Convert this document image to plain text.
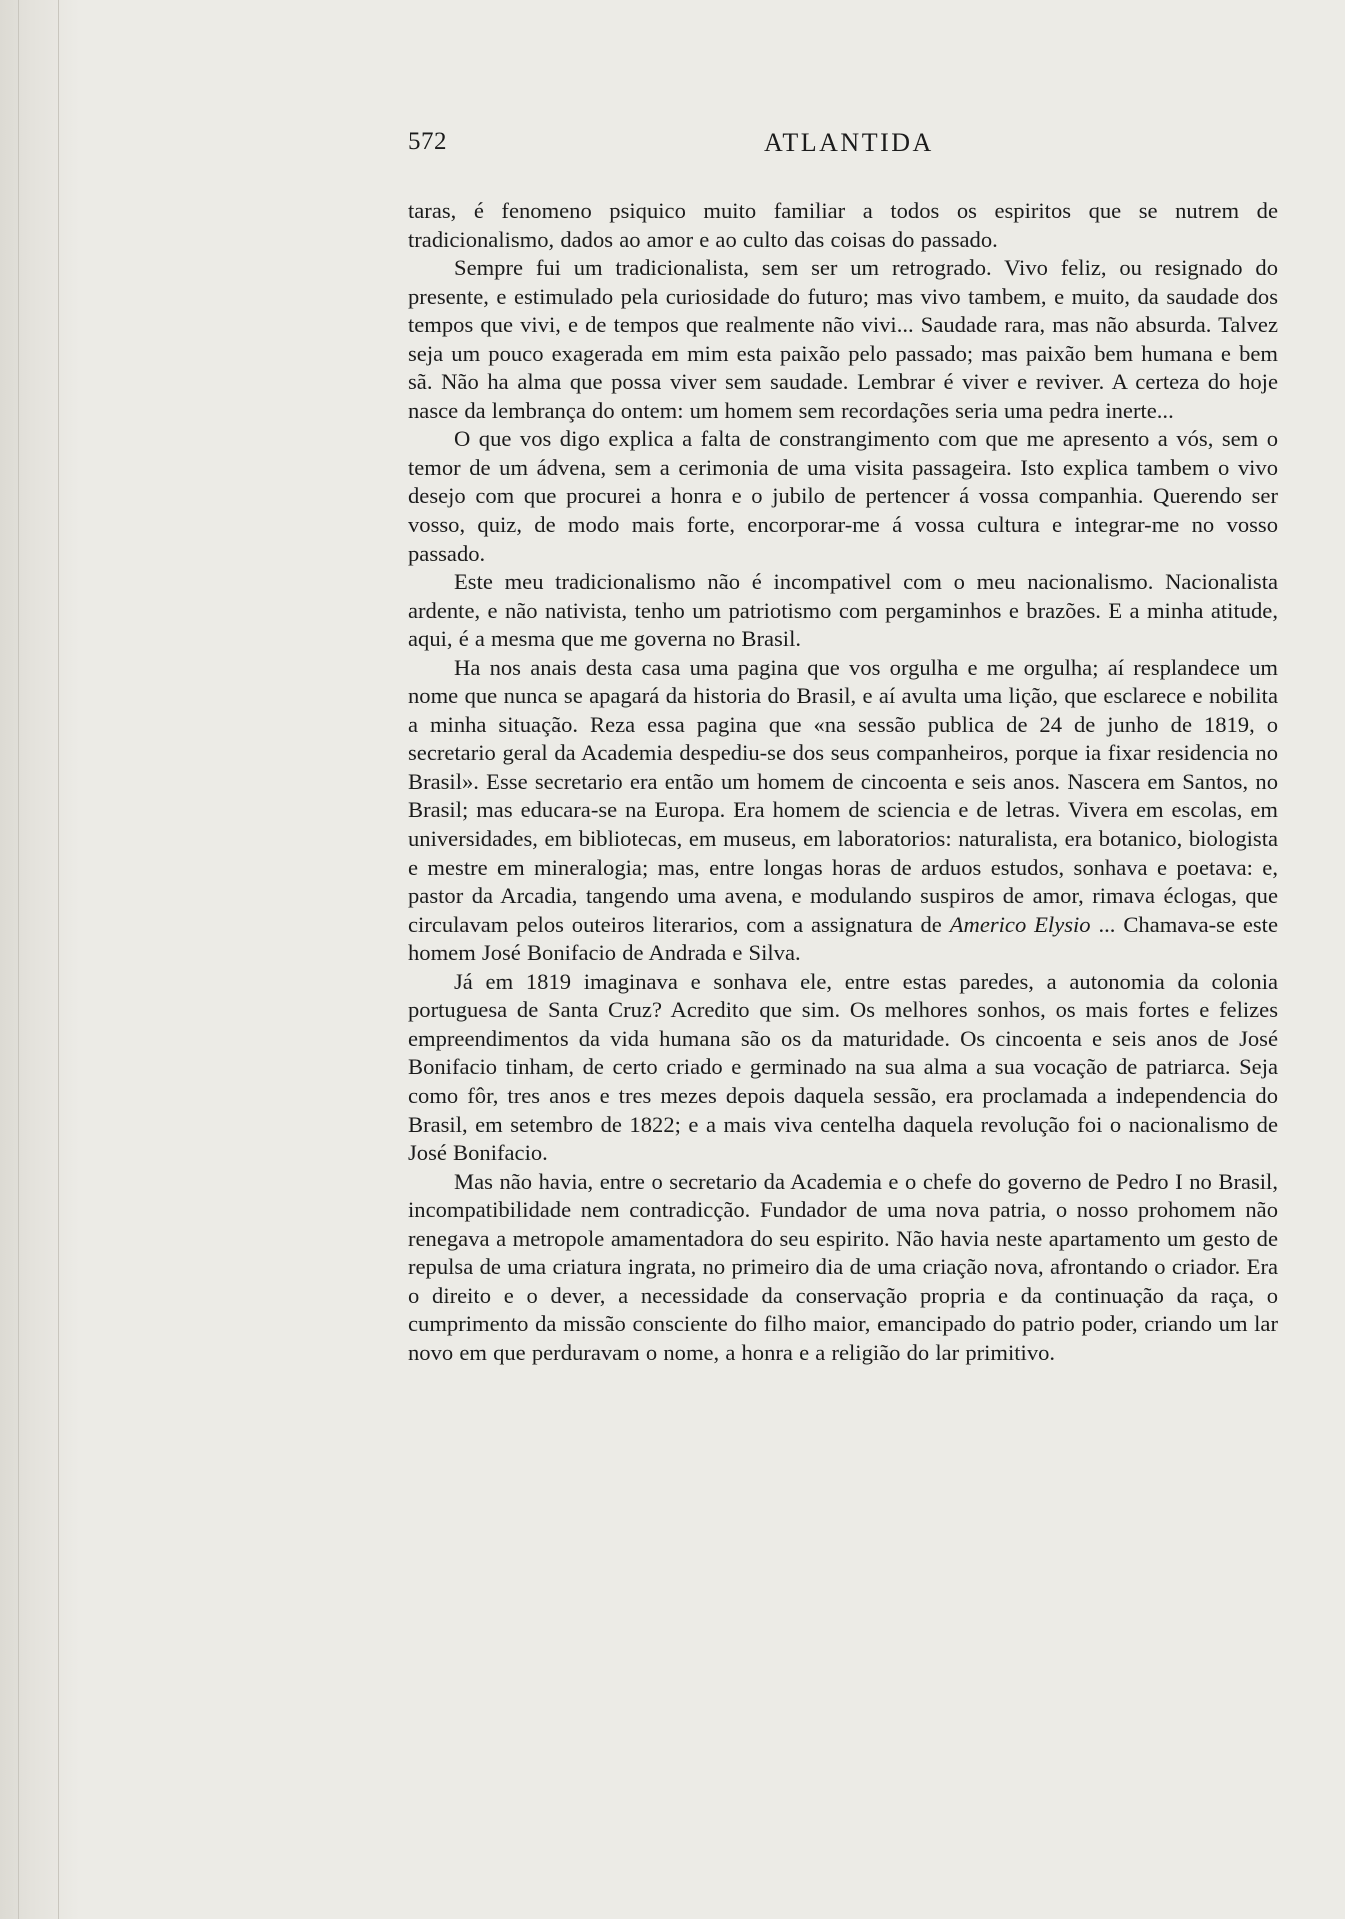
572	ATLANTIDA

taras, é fenomeno psiquico muito familiar a todos os espiritos que se nutrem de tradicionalismo, dados ao amor e ao culto das coisas do passado.

Sempre fui um tradicionalista, sem ser um retrogrado. Vivo feliz, ou resignado do presente, e estimulado pela curiosidade do futuro; mas vivo tambem, e muito, da saudade dos tempos que vivi, e de tempos que realmente não vivi... Saudade rara, mas não absurda. Talvez seja um pouco exagerada em mim esta paixão pelo passado; mas paixão bem humana e bem sã. Não ha alma que possa viver sem saudade. Lembrar é viver e reviver. A certeza do hoje nasce da lembrança do ontem: um homem sem recordações seria uma pedra inerte...

O que vos digo explica a falta de constrangimento com que me apresento a vós, sem o temor de um ádvena, sem a cerimonia de uma visita passageira. Isto explica tambem o vivo desejo com que procurei a honra e o jubilo de pertencer á vossa companhia. Querendo ser vosso, quiz, de modo mais forte, encorporar-me á vossa cultura e integrar-me no vosso passado.

Este meu tradicionalismo não é incompativel com o meu nacionalismo. Nacionalista ardente, e não nativista, tenho um patriotismo com pergaminhos e brazões. E a minha atitude, aqui, é a mesma que me governa no Brasil.

Ha nos anais desta casa uma pagina que vos orgulha e me orgulha; aí resplandece um nome que nunca se apagará da historia do Brasil, e aí avulta uma lição, que esclarece e nobilita a minha situação. Reza essa pagina que «na sessão publica de 24 de junho de 1819, o secretario geral da Academia despediu-se dos seus companheiros, porque ia fixar residencia no Brasil». Esse secretario era então um homem de cincoenta e seis anos. Nascera em Santos, no Brasil; mas educara-se na Europa. Era homem de sciencia e de letras. Vivera em escolas, em universidades, em bibliotecas, em museus, em laboratorios: naturalista, era botanico, biologista e mestre em mineralogia; mas, entre longas horas de arduos estudos, sonhava e poetava: e, pastor da Arcadia, tangendo uma avena, e modulando suspiros de amor, rimava éclogas, que circulavam pelos outeiros literarios, com a assignatura de Americo Elysio ... Chamava-se este homem José Bonifacio de Andrada e Silva.

Já em 1819 imaginava e sonhava ele, entre estas paredes, a autonomia da colonia portuguesa de Santa Cruz? Acredito que sim. Os melhores sonhos, os mais fortes e felizes empreendimentos da vida humana são os da maturidade. Os cincoenta e seis anos de José Bonifacio tinham, de certo criado e germinado na sua alma a sua vocação de patriarca. Seja como fôr, tres anos e tres mezes depois daquela sessão, era proclamada a independencia do Brasil, em setembro de 1822; e a mais viva centelha daquela revolução foi o nacionalismo de José Bonifacio.

Mas não havia, entre o secretario da Academia e o chefe do governo de Pedro I no Brasil, incompatibilidade nem contradicção. Fundador de uma nova patria, o nosso prohomem não renegava a metropole amamentadora do seu espirito. Não havia neste apartamento um gesto de repulsa de uma criatura ingrata, no primeiro dia de uma criação nova, afrontando o criador. Era o direito e o dever, a necessidade da conservação propria e da continuação da raça, o cumprimento da missão consciente do filho maior, emancipado do patrio poder, criando um lar novo em que perduravam o nome, a honra e a religião do lar primitivo.
